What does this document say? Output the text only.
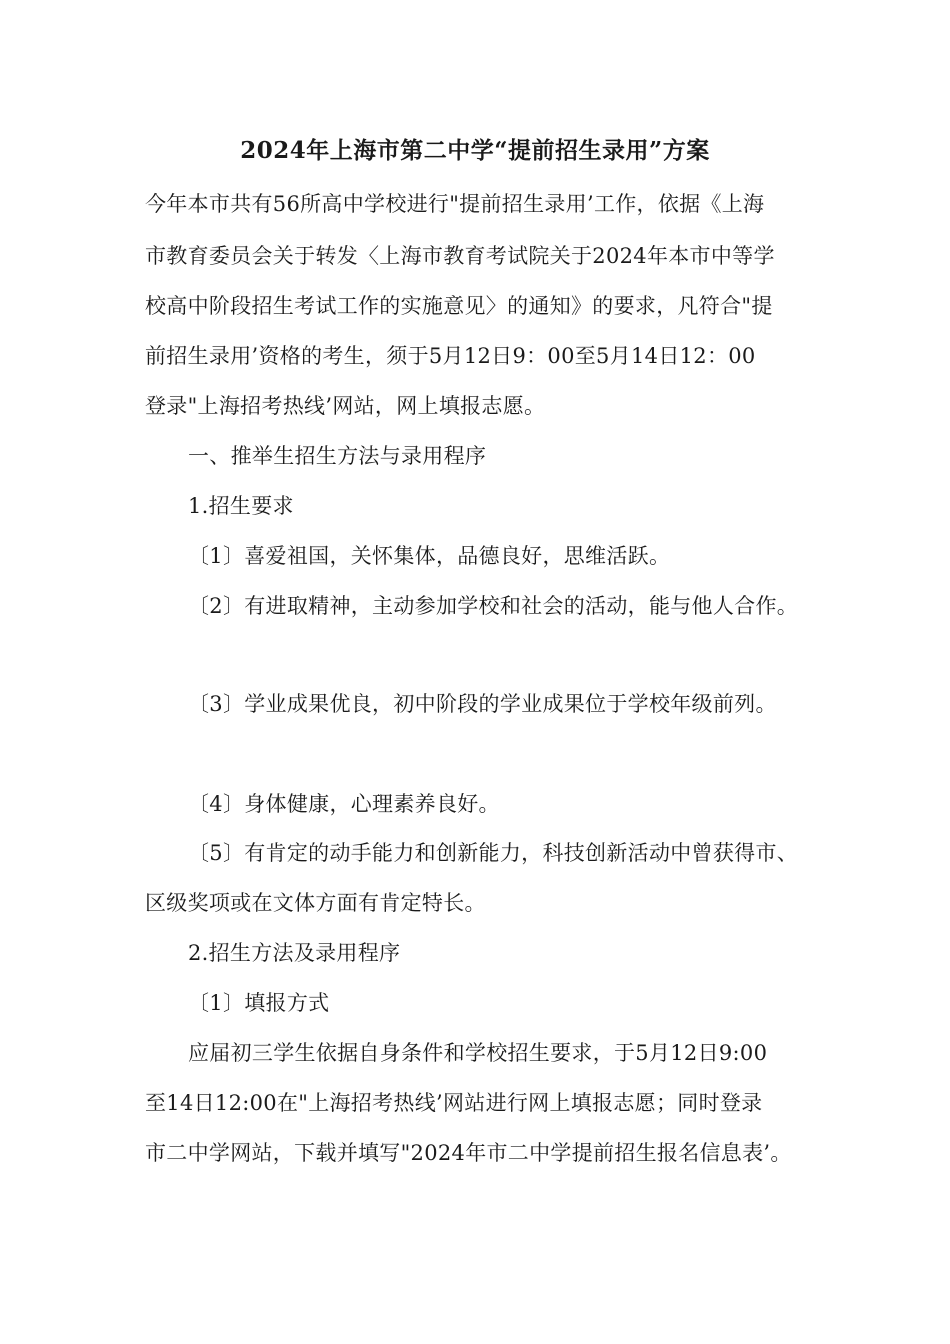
2024年上海市第二中学“提前招生录用”方案
今年本市共有56所高中学校进行"提前招生录用’工作，依据《上海
市教育委员会关于转发〈上海市教育考试院关于2024年本市中等学
校高中阶段招生考试工作的实施意见〉的通知》的要求，凡符合"提
前招生录用’资格的考生，须于5月12日9：00至5月14日12：00
登录"上海招考热线’网站，网上填报志愿。
一、推举生招生方法与录用程序
1.招生要求
〔1〕喜爱祖国，关怀集体，品德良好，思维活跃。
〔2〕有进取精神，主动参加学校和社会的活动，能与他人合作。
〔3〕学业成果优良，初中阶段的学业成果位于学校年级前列。
〔4〕身体健康，心理素养良好。
〔5〕有肯定的动手能力和创新能力，科技创新活动中曾获得市、
区级奖项或在文体方面有肯定特长。
2.招生方法及录用程序
〔1〕填报方式
应届初三学生依据自身条件和学校招生要求，于5月12日9:00
至14日12:00在"上海招考热线’网站进行网上填报志愿；同时登录
市二中学网站，下载并填写"2024年市二中学提前招生报名信息表’。
